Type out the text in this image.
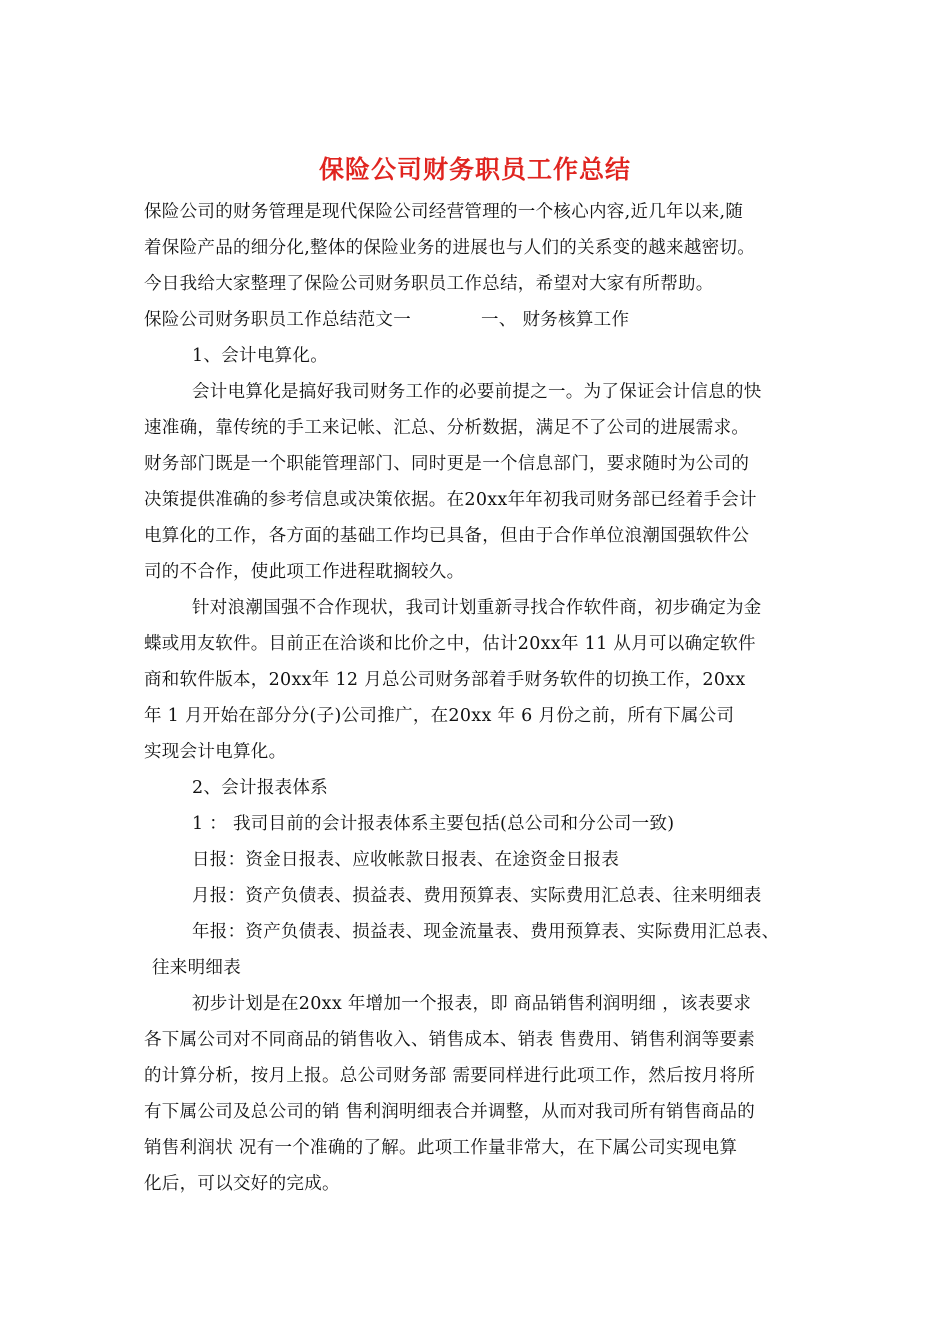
保险公司财务职员工作总结
保险公司的财务管理是现代保险公司经营管理的一个核心内容,近几年以来,随
着保险产品的细分化,整体的保险业务的进展也与人们的关系变的越来越密切。
今日我给大家整理了保险公司财务职员工作总结，希望对大家有所帮助。
保险公司财务职员工作总结范文一	一、 财务核算工作
1、会计电算化。
会计电算化是搞好我司财务工作的必要前提之一。为了保证会计信息的快
速准确，靠传统的手工来记帐、汇总、分析数据，满足不了公司的进展需求。
财务部门既是一个职能管理部门、同时更是一个信息部门，要求随时为公司的
决策提供准确的参考信息或决策依据。在20xx年年初我司财务部已经着手会计
电算化的工作，各方面的基础工作均已具备，但由于合作单位浪潮国强软件公
司的不合作，使此项工作进程耽搁较久。
针对浪潮国强不合作现状，我司计划重新寻找合作软件商，初步确定为金
蝶或用友软件。目前正在洽谈和比价之中，估计20xx年 11 从月可以确定软件
商和软件版本，20xx年 12 月总公司财务部着手财务软件的切换工作，20xx
年 1 月开始在部分分(子)公司推广，在20xx 年 6 月份之前，所有下属公司
实现会计电算化。
2、会计报表体系
1 ： 我司目前的会计报表体系主要包括(总公司和分公司一致)
日报：资金日报表、应收帐款日报表、在途资金日报表
月报：资产负债表、损益表、费用预算表、实际费用汇总表、往来明细表
年报：资产负债表、损益表、现金流量表、费用预算表、实际费用汇总表、
往来明细表
初步计划是在20xx 年增加一个报表，即 商品销售利润明细 ，该表要求
各下属公司对不同商品的销售收入、销售成本、销表 售费用、销售利润等要素
的计算分析，按月上报。总公司财务部 需要同样进行此项工作，然后按月将所
有下属公司及总公司的销 售利润明细表合并调整，从而对我司所有销售商品的
销售利润状 况有一个准确的了解。此项工作量非常大，在下属公司实现电算
化后，可以交好的完成。
